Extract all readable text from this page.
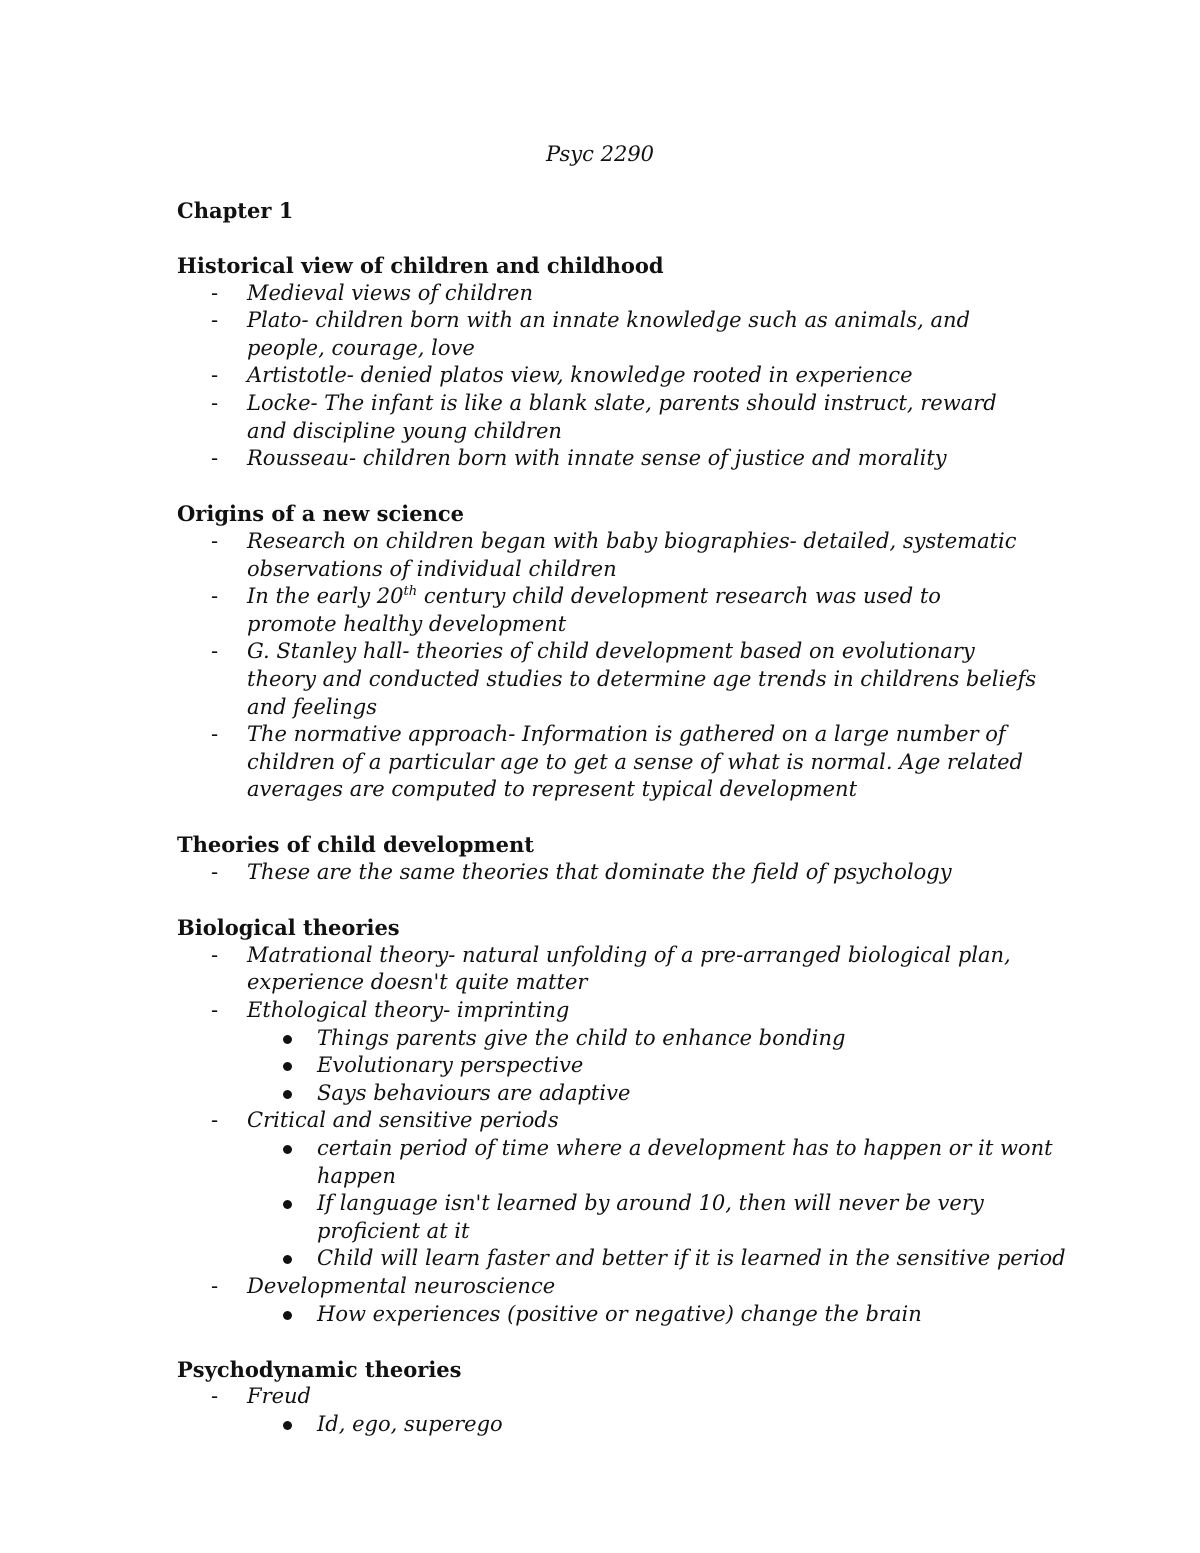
Psyc 2290
Chapter 1
Historical view of children and childhood
- Medieval views of children
- Plato- children born with an innate knowledge such as animals, and people, courage, love
- Artistotle- denied platos view, knowledge rooted in experience
- Locke- The infant is like a blank slate, parents should instruct, reward and discipline young children
- Rousseau- children born with innate sense of justice and morality
Origins of a new science
- Research on children began with baby biographies- detailed, systematic observations of individual children
- In the early 20th century child development research was used to promote healthy development
- G. Stanley hall- theories of child development based on evolutionary theory and conducted studies to determine age trends in childrens beliefs and feelings
- The normative approach- Information is gathered on a large number of children of a particular age to get a sense of what is normal. Age related averages are computed to represent typical development
Theories of child development
- These are the same theories that dominate the field of psychology
Biological theories
- Matrational theory- natural unfolding of a pre-arranged biological plan, experience doesn't quite matter
- Ethological theory- imprinting
Things parents give the child to enhance bonding
Evolutionary perspective
Says behaviours are adaptive
- Critical and sensitive periods
certain period of time where a development has to happen or it wont happen
If language isn't learned by around 10, then will never be very proficient at it
Child will learn faster and better if it is learned in the sensitive period
- Developmental neuroscience
How experiences (positive or negative) change the brain
Psychodynamic theories
- Freud
Id, ego, superego
